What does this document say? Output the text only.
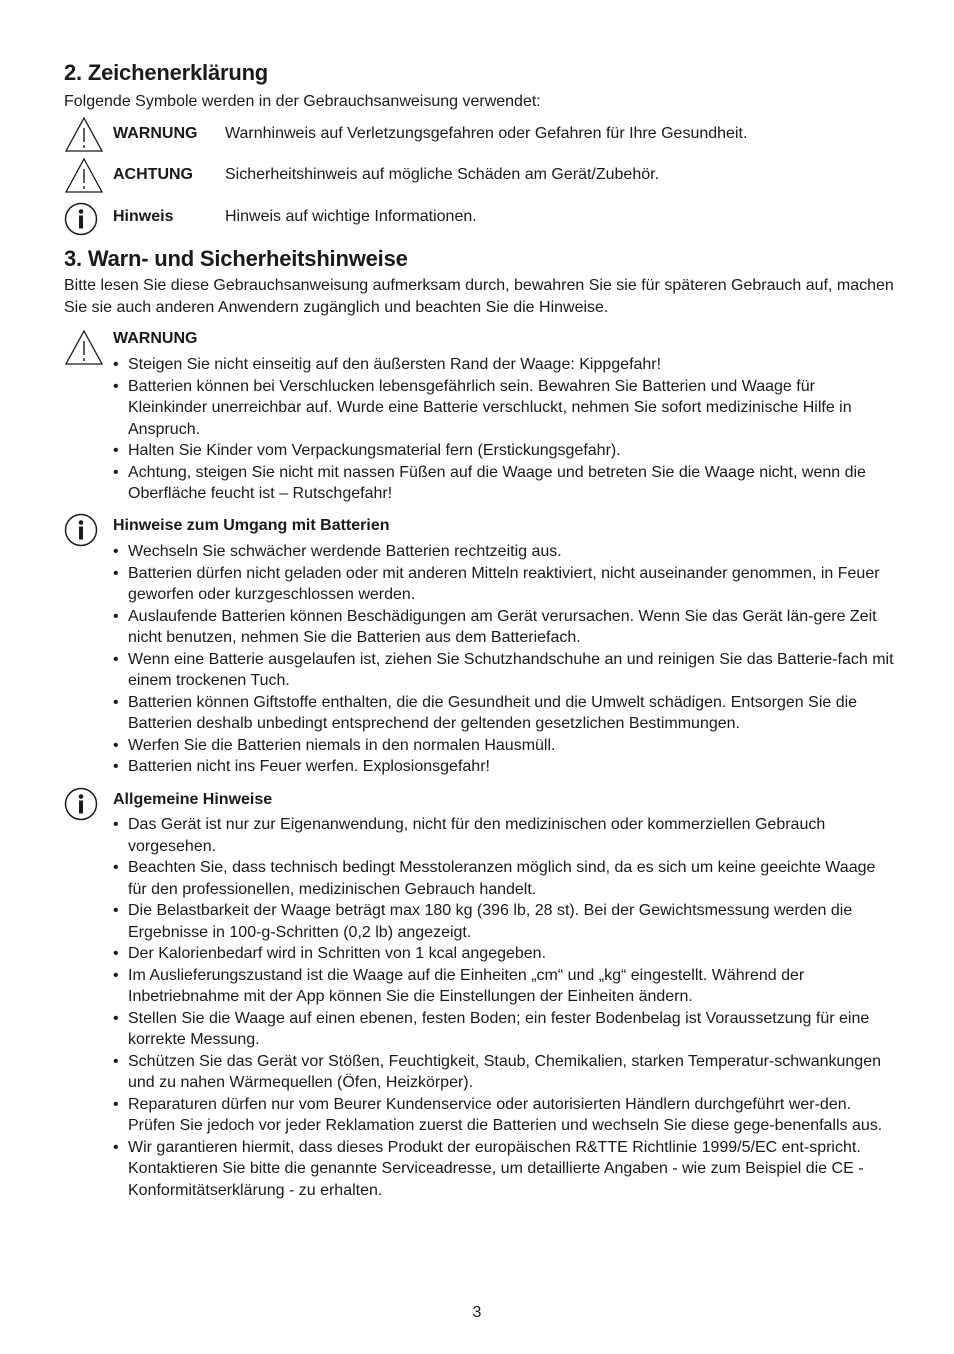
2. Zeichenerklärung

Folgende Symbole werden in der Gebrauchsanweisung verwendet:

WARNUNG Warnhinweis auf Verletzungsgefahren oder Gefahren für Ihre Gesundheit.
ACHTUNG Sicherheitshinweis auf mögliche Schäden am Gerät/Zubehör.
Hinweis	Hinweis auf wichtige Informationen.
3. Warn- und Sicherheitshinweise

Bitte lesen Sie diese Gebrauchsanweisung aufmerksam durch, bewahren Sie sie für späteren Gebrauch auf, machen Sie sie auch anderen Anwendern zugänglich und beachten Sie die Hinweise.

WARNUNG
• Steigen Sie nicht einseitig auf den äußersten Rand der Waage: Kippgefahr!
• Batterien können bei Verschlucken lebensgefährlich sein. Bewahren Sie Batterien und Waage für Kleinkinder unerreichbar auf. Wurde eine Batterie verschluckt, nehmen Sie sofort medizinische Hilfe in Anspruch.
• Halten Sie Kinder vom Verpackungsmaterial fern (Erstickungsgefahr).
• Achtung, steigen Sie nicht mit nassen Füßen auf die Waage und betreten Sie die Waage nicht, wenn die Oberfläche feucht ist – Rutschgefahr!
Hinweise zum Umgang mit Batterien
• Wechseln Sie schwächer werdende Batterien rechtzeitig aus.
• Batterien dürfen nicht geladen oder mit anderen Mitteln reaktiviert, nicht auseinander genommen, in Feuer geworfen oder kurzgeschlossen werden.
• Auslaufende Batterien können Beschädigungen am Gerät verursachen. Wenn Sie das Gerät län-gere Zeit nicht benutzen, nehmen Sie die Batterien aus dem Batteriefach.
• Wenn eine Batterie ausgelaufen ist, ziehen Sie Schutzhandschuhe an und reinigen Sie das Batterie-fach mit einem trockenen Tuch.
• Batterien können Giftstoffe enthalten, die die Gesundheit und die Umwelt schädigen. Entsorgen Sie die Batterien deshalb unbedingt entsprechend der geltenden gesetzlichen Bestimmungen.
• Werfen Sie die Batterien niemals in den normalen Hausmüll.
• Batterien nicht ins Feuer werfen. Explosionsgefahr!
Allgemeine Hinweise
• Das Gerät ist nur zur Eigenanwendung, nicht für den medizinischen oder kommerziellen Gebrauch vorgesehen.
• Beachten Sie, dass technisch bedingt Messtoleranzen möglich sind, da es sich um keine geeichte Waage für den professionellen, medizinischen Gebrauch handelt.
• Die Belastbarkeit der Waage beträgt max 180 kg (396 lb, 28 st). Bei der Gewichtsmessung werden die Ergebnisse in 100-g-Schritten (0,2 lb) angezeigt.
• Der Kalorienbedarf wird in Schritten von 1 kcal angegeben.
• Im Auslieferungszustand ist die Waage auf die Einheiten „cm“ und „kg“ eingestellt. Während der Inbetriebnahme mit der App können Sie die Einstellungen der Einheiten ändern.
• Stellen Sie die Waage auf einen ebenen, festen Boden; ein fester Bodenbelag ist Voraussetzung für eine korrekte Messung.
• Schützen Sie das Gerät vor Stößen, Feuchtigkeit, Staub, Chemikalien, starken Temperatur-schwankungen und zu nahen Wärmequellen (Öfen, Heizkörper).
• Reparaturen dürfen nur vom Beurer Kundenservice oder autorisierten Händlern durchgeführt wer-den. Prüfen Sie jedoch vor jeder Reklamation zuerst die Batterien und wechseln Sie diese gege-benenfalls aus.
• Wir garantieren hiermit, dass dieses Produkt der europäischen R&TTE Richtlinie 1999/5/EC ent-spricht.
Kontaktieren Sie bitte die genannte Serviceadresse, um detaillierte Angaben - wie zum Beispiel die CE - Konformitätserklärung - zu erhalten.
3
